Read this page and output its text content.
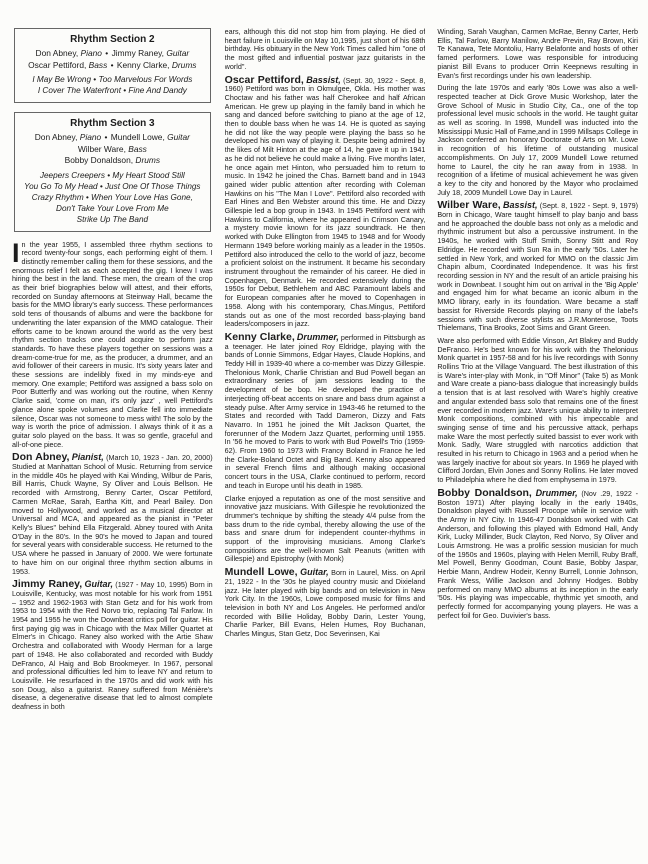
Rhythm Section 2
Don Abney, Piano • Jimmy Raney, Guitar
Oscar Pettiford, Bass • Kenny Clarke, Drums
I May Be Wrong • Too Marvelous For Words
I Cover The Waterfront • Fine And Dandy
Rhythm Section 3
Don Abney, Piano • Mundell Lowe, Guitar
Wilber Ware, Bass
Bobby Donaldson, Drums
Jeepers Creepers • My Heart Stood Still
You Go To My Head • Just One Of Those Things
Crazy Rhythm • When Your Love Has Gone,
Don't Take Your Love From Me
Strike Up The Band

In the year 1955, I assembled three rhythm sections to record twenty-four songs, each performing eight of them. I distinctly remember calling them for these sessions, and the enormous relief I felt as each accepted the gig. I knew I was hiring the best in the land. These men, the cream of the crop as their brief biographies below will attest, and their efforts, recorded on Sunday afternoons at Steinway Hall, became the basis for the MMO library's early success. These performances sold tens of thousands of albums and were the backbone for underwriting the later expansion of the MMO catalogue. Their efforts came to be known around the world as the very best rhythm section tracks one could acquire to perform jazz standards. To have these players together on sessions was a dream-come-true for me, as the producer, a drummer, and an avid follower of their careers in music. It's sixty years later and these sessions are indelibly fixed in my minds-eye and memory. One example; Pettiford was assigned a bass solo on Poor Butterfly and was working out the routine, when Kenny Clarke said, 'come on man, it's only jazz' , well Pettiford's glance alone spoke volumes and Clarke fell into immediate silence, Oscar was not someone to mess with! The solo by the way is worth the price of admission. I always think of it as a guitar solo played on the bass. It was so gentle, graceful and all-of-one piece.

Don Abney, Pianist, (March 10, 1923 - Jan. 20, 2000) Studied at Manhattan School of Music. Returning from service in the middle 40s he played with Kai Winding, Wilbur de Paris, Bill Harris, Chuck Wayne, Sy Oliver and Louis Bellson. He recorded with Armstrong, Benny Carter, Oscar Pettiford, Carmen McRae, Sarah, Eartha Kitt, and Pearl Bailey. Don moved to Hollywood, and worked as a musical director at Universal and MCA, and appeared as the pianist in "Peter Kelly's Blues" behind Ella Fitzgerald. Abney toured with Anita O'Day in the 80's. In the 90's he moved to Japan and toured for several years with considerable success. He returned to the USA where he passed in January of 2000. We were fortunate to have him on our original three rhythm section albums in 1953.

Jimmy Raney, Guitar, (1927 - May 10, 1995) Born in Louisville, Kentucky, was most notable for his work from 1951 – 1952 and 1962-1963 with Stan Getz and for his work from 1953 to 1954 with the Red Norvo trio, replacing Tal Farlow. In 1954 and 1955 he won the Downbeat critics poll for guitar. His first paying gig was in Chicago with the Max Miller Quartet at Elmer's in Chicago. Raney also worked with the Artie Shaw Orchestra and collaborated with Woody Herman for a large part of 1948. He also collaborated and recorded with Buddy DeFranco, Al Haig and Bob Brookmeyer. In 1967, personal and professional difficulties led him to leave NY and return to Louisville. He resurfaced in the 1970s and did work with his son Doug, also a guitarist. Raney suffered from Ménière's disease, a degenerative disease that led to almost complete deafness in both

ears, although this did not stop him from playing. He died of heart failure in Louisville on May 10,1995, just short of his 68th birthday. His obituary in the New York Times called him "one of the most gifted and influential postwar jazz guitarists in the world".

Oscar Pettiford, Bassist, (Sept. 30, 1922 - Sept. 8, 1960) Pettiford was born in Okmulgee, Okla. His mother was Choctaw and his father was half Cherokee and half African American. He grew up playing in the family band in which he sang and danced before switching to piano at the age of 12, then to double bass when he was 14. He is quoted as saying he did not like the way people were playing the bass so he developed his own way of playing it. Despite being admired by the likes of Milt Hinton at the age of 14, he gave it up in 1941 as he did not believe he could make a living. Five months later, he once again met Hinton, who persuaded him to return to music. In 1942 he joined the Chas. Barnett band and in 1943 gained wider public attention after recording with Coleman Hawkins on his "The Man I Love". Pettiford also recorded with Earl Hines and Ben Webster around this time. He and Dizzy Gillespie led a bop group in 1943. In 1945 Pettiford went with Hawkins to California, where he appeared in Crimson Canary, a mystery movie known for its jazz soundtrack. He then worked with Duke Ellington from 1945 to 1948 and for Woody Hermann 1949 before working mainly as a leader in the 1950s. Pettiford also introduced the cello to the world of jazz, become a proficient soloist on the instrument. It became his secondary instrument throughout the remainder of his career. He died in Copenhagen, Denmark. He recorded extensively during the 1950s for Debut, Bethlehem and ABC Paramount labels and for European companies after he moved to Copenhagen in 1958. Along with his contemporary, Chas.Mingus, Pettiford stands out as one of the most recorded bass-playing band leaders/composers in jazz.

Kenny Clarke, Drummer, performed in Pittsburgh as a teenager. He later joined Roy Eldridge, playing with the bands of Lonnie Simmons, Edgar Hayes, Claude Hopkins, and Teddy Hill in 1939-40 where a co-member was Dizzy Gillespie. Thelonious Monk, Charlie Christian and Bud Powell began an extraordinary series of jam sessions leading to the development of be bop. He developed the practice of interjecting off-beat accents on snare and bass drum against a steady pulse. After Army service in 1943-46 he returned to the States and recorded with Tadd Dameron, Dizzy and Fats Navarro. In 1951 he joined the Milt Jackson Quartet, the forerunner of the Modern Jazz Quartet, performing until 1955. In '56 he moved to Paris to work with Bud Powell's Trio (1959-62). From 1960 to 1973 with Francy Boland in France he led the Clarke-Boland Octet and Big Band. Kenny also appeared in several French films and although making occasional concert tours in the USA, Clarke continued to perform, record and teach in Europe until his death in 1985.

Clarke enjoyed a reputation as one of the most sensitive and innovative jazz musicians. With Gillespie he revolutionized the drummer's technique by shifting the steady 4/4 pulse from the bass drum to the ride cymbal, thereby allowing the use of the bass and snare drum for independent counter-rhythms in support of the improvising musicians. Among Clarke's compositions are the well-known Salt Peanuts (written with Gillespie) and Epistrophy (with Monk)

Mundell Lowe, Guitar, Born in Laurel, Miss. on April 21, 1922 - In the '30s he played country music and Dixieland jazz. He later played with big bands and on television in New York City. In the 1960s, Lowe composed music for films and television in both NY and Los Angeles. He performed and/or recorded with Billie Holiday, Bobby Darin, Lester Young, Charlie Parker, Bill Evans, Helen Humes, Roy Buchanan, Charles Mingus, Stan Getz, Doc Severinsen, Kai

Winding, Sarah Vaughan, Carmen McRae, Benny Carter, Herb Ellis, Tal Farlow, Barry Manilow, Andre Previn, Ray Brown, Kiri Te Kanawa, Tete Montoliu, Harry Belafonte and hosts of other famed performers. Lowe was responsible for introducing pianist Bill Evans to producer Orrin Keepnews resulting in Evan's first recordings under his own leadership.

During the late 1970s and early '80s Lowe was also a well-respected teacher at Dick Grove Music Workshop, later the Grove School of Music in Studio City, Ca., one of the top professional level music schools in the world. He taught guitar as well as scoring. In 1998, Mundell was inducted into the Mississippi Music Hall of Fame,and in 1999 Millsaps College in Jackson conferred an honorary Doctorate of Arts on Mr. Lowe in recognition of his lifetime of outstanding musical accomplishments. On July 17, 2009 Mundell Lowe returned home to Laurel, the city he ran away from in 1938. In recognition of a lifetime of musical achievement he was given a key to the city and honored by the Mayor who proclaimed July 18, 2009 Mundell Lowe Day in Laurel.

Wilber Ware, Bassist, (Sept. 8, 1922 - Sept. 9, 1979) Born in Chicago, Ware taught himself to play banjo and bass and he approached the double bass not only as a melodic and rhythmic instrument but also a percussive instrument. In the 1940s, he worked with Stuff Smith, Sonny Stitt and Roy Eldridge. He recorded with Sun Ra in the early '50s. Later he settled in New York, and worked for MMO on the classic Jim Chapin album, Coordinated Independence. It was his first recording session in NY and the result of an article praising his work in Downbeat. I sought him out on arrival in the 'Big Apple' and engaged him for what became an iconic album in the MMO library, early in its foundation. Ware became a staff bassist for Riverside Records playing on many of the label's sessions with such diverse stylists as J.R.Monterose, Toots Thielemans, Tina Brooks, Zoot Sims and Grant Green.

Ware also performed with Eddie Vinson, Art Blakey and Buddy DeFranco. He's best known for his work with the Thelonious Monk quartet in 1957-58 and for his live recordings with Sonny Rollins Trio at the Village Vanguard. The best illustration of this is Ware's inter-play with Monk, in "Off Minor" (Take 5) as Monk and Ware create a piano-bass dialogue that increasingly builds a tension that is at last resolved with Ware's highly creative and angular extended bass solo that remains one of the finest ever recorded in modern jazz. Ware's unique ability to interpret Monk compositions, combined with his impeccable and swinging sense of time and his percussive attack, perhaps make Ware the most perfectly suited bassist to ever work with Monk. Sadly, Ware struggled with narcotics addiction that resulted in his return to Chicago in 1963 and a period when he was largely inactive for about six years. In 1969 he played with Clifford Jordan, Elvin Jones and Sonny Rollins. He later moved to Philadelphia where he died from emphysema in 1979.

Bobby Donaldson, Drummer, (Nov .29, 1922 - Boston 1971) After playing locally in the early 1940s, Donaldson played with Russell Procope while in service with the Army in NY City. In 1946-47 Donaldson worked with Cat Anderson, and following this played with Edmond Hall, Andy Kirk, Lucky Millinder, Buck Clayton, Red Norvo, Sy Oliver and Louis Armstrong. He was a prolific session musician for much of the 1950s and 1960s, playing with Helen Merrill, Ruby Braff, Mel Powell, Benny Goodman, Count Basie, Bobby Jaspar, Herbie Mann, Andrew Hodeir, Kenny Burrell, Lonnie Johnson, Frank Wess, Willie Jackson and Johnny Hodges. Bobby performed on many MMO albums at its inception in the early '50s. His playing was impeccable, rhythmic yet smooth, and perfectly formed for accompanying young players. He was a perfect foil for Geo. Duvivier's bass.
